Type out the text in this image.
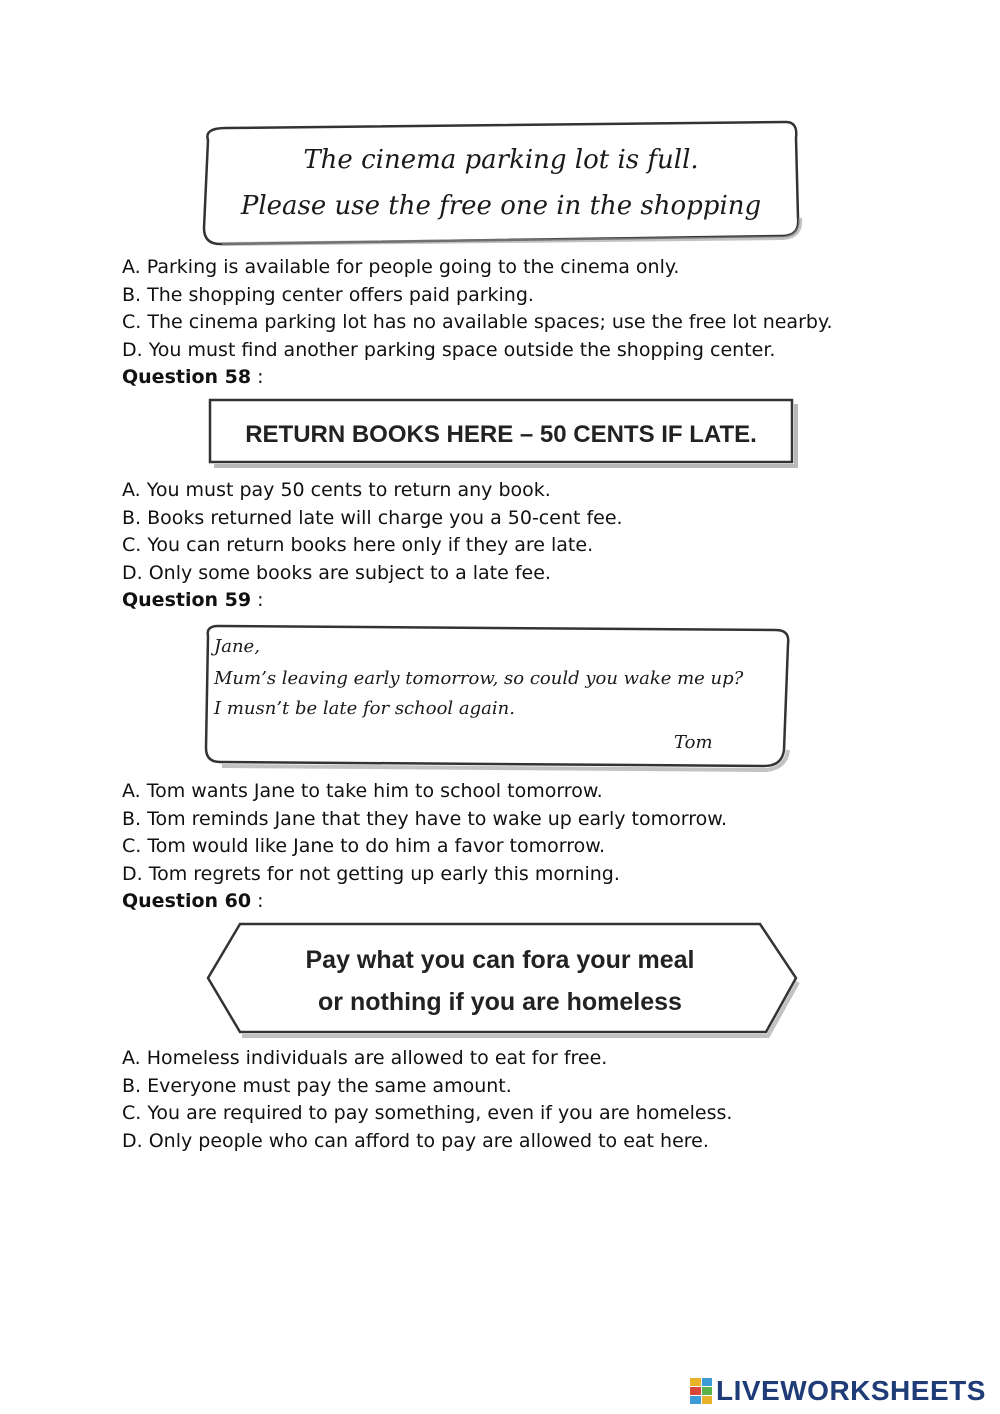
The cinema parking lot is full.
Please use the free one in the shopping
A. Parking is available for people going to the cinema only.
B. The shopping center offers paid parking.
C. The cinema parking lot has no available spaces; use the free lot nearby.
D. You must find another parking space outside the shopping center.
Question 58 :
RETURN BOOKS HERE – 50 CENTS IF LATE.
A. You must pay 50 cents to return any book.
B. Books returned late will charge you a 50-cent fee.
C. You can return books here only if they are late.
D. Only some books are subject to a late fee.
Question 59 :
Jane,
Mum’s leaving early tomorrow, so could you wake me up?
I musn’t be late for school again.
Tom
A. Tom wants Jane to take him to school tomorrow.
B. Tom reminds Jane that they have to wake up early tomorrow.
C. Tom would like Jane to do him a favor tomorrow.
D. Tom regrets for not getting up early this morning.
Question 60 :
Pay what you can fora your meal
or nothing if you are homeless
A. Homeless individuals are allowed to eat for free.
B. Everyone must pay the same amount.
C. You are required to pay something, even if you are homeless.
D. Only people who can afford to pay are allowed to eat here.
LIVEWORKSHEETS
